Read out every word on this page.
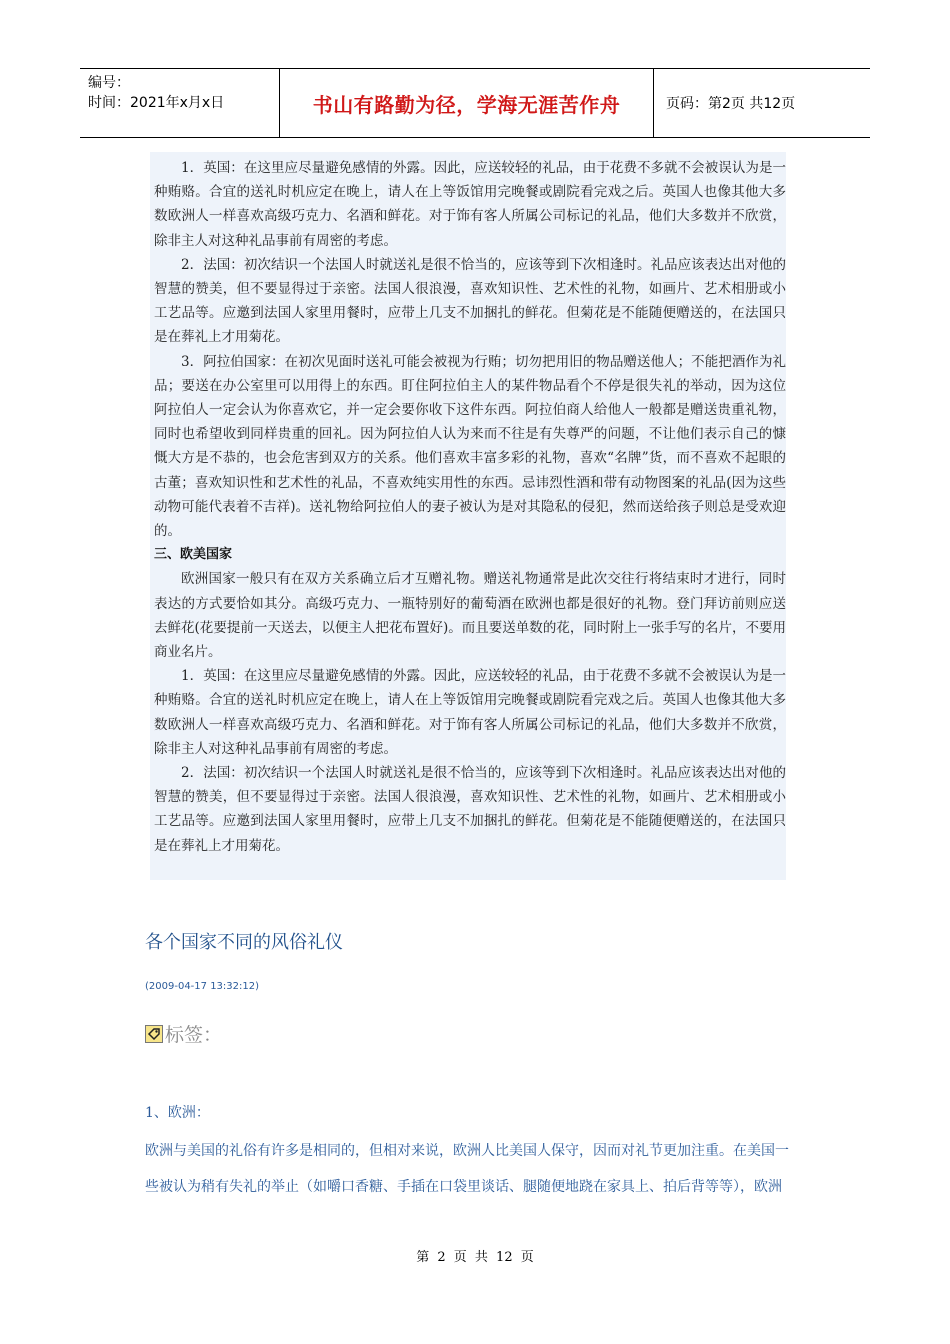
编号：
时间：2021年x月x日	书山有路勤为径，学海无涯苦作舟	页码：第2页 共12页

1．英国：在这里应尽量避免感情的外露。因此，应送较轻的礼品，由于花费不多就不会被误认为是一种贿赂。合宜的送礼时机应定在晚上，请人在上等饭馆用完晚餐或剧院看完戏之后。英国人也像其他大多数欧洲人一样喜欢高级巧克力、名酒和鲜花。对于饰有客人所属公司标记的礼品，他们大多数并不欣赏，除非主人对这种礼品事前有周密的考虑。

2．法国：初次结识一个法国人时就送礼是很不恰当的，应该等到下次相逢时。礼品应该表达出对他的智慧的赞美，但不要显得过于亲密。法国人很浪漫，喜欢知识性、艺术性的礼物，如画片、艺术相册或小工艺品等。应邀到法国人家里用餐时，应带上几支不加捆扎的鲜花。但菊花是不能随便赠送的，在法国只是在葬礼上才用菊花。

3．阿拉伯国家：在初次见面时送礼可能会被视为行贿；切勿把用旧的物品赠送他人；不能把酒作为礼品；要送在办公室里可以用得上的东西。盯住阿拉伯主人的某件物品看个不停是很失礼的举动，因为这位阿拉伯人一定会认为你喜欢它，并一定会要你收下这件东西。阿拉伯商人给他人一般都是赠送贵重礼物，同时也希望收到同样贵重的回礼。因为阿拉伯人认为来而不往是有失尊严的问题，不让他们表示自己的慷慨大方是不恭的，也会危害到双方的关系。他们喜欢丰富多彩的礼物，喜欢“名牌”货，而不喜欢不起眼的古董；喜欢知识性和艺术性的礼品，不喜欢纯实用性的东西。忌讳烈性酒和带有动物图案的礼品(因为这些动物可能代表着不吉祥)。送礼物给阿拉伯人的妻子被认为是对其隐私的侵犯，然而送给孩子则总是受欢迎的。

三、欧美国家

欧洲国家一般只有在双方关系确立后才互赠礼物。赠送礼物通常是此次交往行将结束时才进行，同时表达的方式要恰如其分。高级巧克力、一瓶特别好的葡萄酒在欧洲也都是很好的礼物。登门拜访前则应送去鲜花(花要提前一天送去，以便主人把花布置好)。而且要送单数的花，同时附上一张手写的名片，不要用商业名片。

1．英国：在这里应尽量避免感情的外露。因此，应送较轻的礼品，由于花费不多就不会被误认为是一种贿赂。合宜的送礼时机应定在晚上，请人在上等饭馆用完晚餐或剧院看完戏之后。英国人也像其他大多数欧洲人一样喜欢高级巧克力、名酒和鲜花。对于饰有客人所属公司标记的礼品，他们大多数并不欣赏，除非主人对这种礼品事前有周密的考虑。

2．法国：初次结识一个法国人时就送礼是很不恰当的，应该等到下次相逢时。礼品应该表达出对他的智慧的赞美，但不要显得过于亲密。法国人很浪漫，喜欢知识性、艺术性的礼物，如画片、艺术相册或小工艺品等。应邀到法国人家里用餐时，应带上几支不加捆扎的鲜花。但菊花是不能随便赠送的，在法国只是在葬礼上才用菊花。

各个国家不同的风俗礼仪
(2009-04-17 13:32:12)
标签：
1、欧洲：
欧洲与美国的礼俗有许多是相同的，但相对来说，欧洲人比美国人保守，因而对礼节更加注重。在美国一
些被认为稍有失礼的举止（如嚼口香糖、手插在口袋里谈话、腿随便地跷在家具上、拍后背等等），欧洲
第 2 页 共 12 页
